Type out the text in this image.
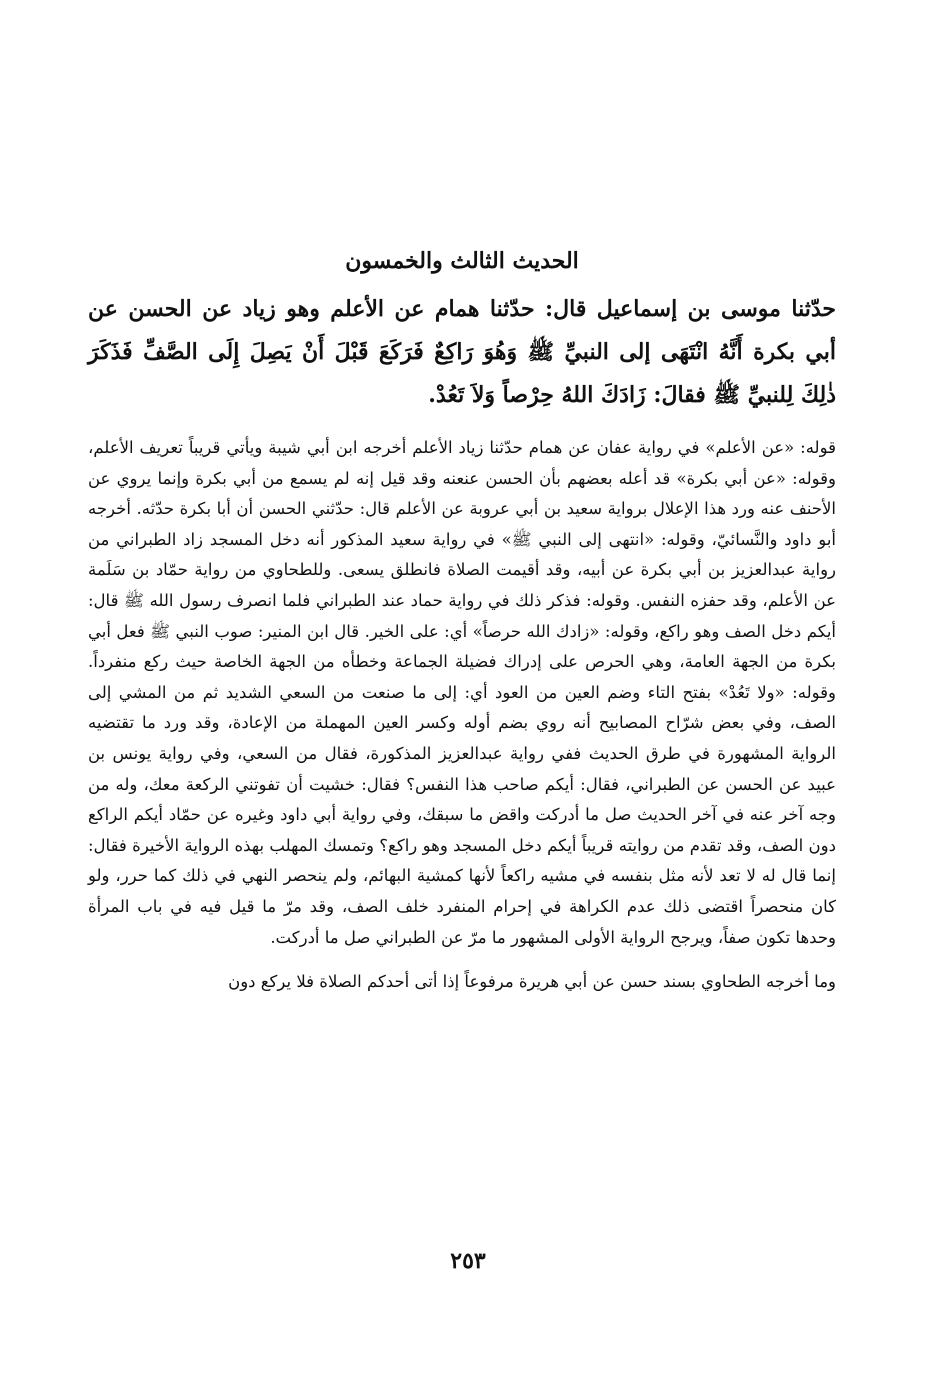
الحديث الثالث والخمسون

حدّثنا موسى بن إسماعيل قال: حدّثنا همام عن الأعلم وهو زياد عن الحسن عن أبي بكرة أَنَّهُ انْتَهَى إلى النبيِّ ﷺ وَهُوَ رَاكِعٌ فَرَكَعَ قَبْلَ أَنْ يَصِلَ إِلَى الصَّفِّ فَذَكَرَ ذٰلِكَ لِلنبيِّ ﷺ فقالَ: زَادَكَ اللهُ حِرْصاً وَلاَ تَعُدْ.

قوله: «عن الأعلم» في رواية عفان عن همام حدّثنا زياد الأعلم أخرجه ابن أبي شيبة ويأتي قريباً تعريف الأعلم، وقوله: «عن أبي بكرة» قد أعله بعضهم بأن الحسن عنعنه وقد قيل إنه لم يسمع من أبي بكرة وإنما يروي عن الأحنف عنه ورد هذا الإعلال برواية سعيد بن أبي عروبة عن الأعلم قال: حدّثني الحسن أن أبا بكرة حدّثه. أخرجه أبو داود والنَّسائيّ، وقوله: «انتهى إلى النبي ﷺ» في رواية سعيد المذكور أنه دخل المسجد زاد الطبراني من رواية عبدالعزيز بن أبي بكرة عن أبيه، وقد أقيمت الصلاة فانطلق يسعى. وللطحاوي من رواية حمّاد بن سَلَمة عن الأعلم، وقد حفزه النفس. وقوله: فذكر ذلك في رواية حماد عند الطبراني فلما انصرف رسول الله ﷺ قال: أيكم دخل الصف وهو راكع، وقوله: «زادك الله حرصاً» أي: على الخير. قال ابن المنير: صوب النبي ﷺ فعل أبي بكرة من الجهة العامة، وهي الحرص على إدراك فضيلة الجماعة وخطأه من الجهة الخاصة حيث ركع منفرداً. وقوله: «ولا تَعُدْ» بفتح التاء وضم العين من العود أي: إلى ما صنعت من السعي الشديد ثم من المشي إلى الصف، وفي بعض شرّاح المصابيح أنه روي بضم أوله وكسر العين المهملة من الإعادة، وقد ورد ما تقتضيه الرواية المشهورة في طرق الحديث ففي رواية عبدالعزيز المذكورة، فقال من السعي، وفي رواية يونس بن عبيد عن الحسن عن الطبراني، فقال: أيكم صاحب هذا النفس؟ فقال: خشيت أن تفوتني الركعة معك، وله من وجه آخر عنه في آخر الحديث صل ما أدركت واقض ما سبقك، وفي رواية أبي داود وغيره عن حمّاد أيكم الراكع دون الصف، وقد تقدم من روايته قريباً أيكم دخل المسجد وهو راكع؟ وتمسك المهلب بهذه الرواية الأخيرة فقال: إنما قال له لا تعد لأنه مثل بنفسه في مشيه راكعاً لأنها كمشية البهائم، ولم ينحصر النهي في ذلك كما حرر، ولو كان منحصراً اقتضى ذلك عدم الكراهة في إحرام المنفرد خلف الصف، وقد مرّ ما قيل فيه في باب المرأة وحدها تكون صفاً، ويرجح الرواية الأولى المشهور ما مرّ عن الطبراني صل ما أدركت.

وما أخرجه الطحاوي بسند حسن عن أبي هريرة مرفوعاً إذا أتى أحدكم الصلاة فلا يركع دون

٢٥٣
